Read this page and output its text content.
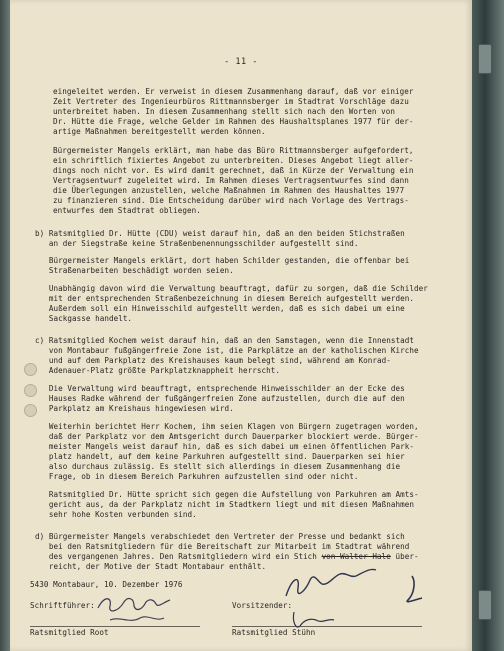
- 11 -
eingeleitet werden. Er verweist in diesem Zusammenhang darauf, daß vor einiger
Zeit Vertreter des Ingenieurbüros Rittmannsberger im Stadtrat Vorschläge dazu
unterbreitet haben. In diesem Zusammenhang stellt sich nach den Worten von
Dr. Hütte die Frage, welche Gelder im Rahmen des Haushaltsplanes 1977 für der-
artige Maßnahmen bereitgestellt werden können.
Bürgermeister Mangels erklärt, man habe das Büro Rittmannsberger aufgefordert,
ein schriftlich fixiertes Angebot zu unterbreiten. Dieses Angebot liegt aller-
dings noch nicht vor. Es wird damit gerechnet, daß in Kürze der Verwaltung ein
Vertragsentwurf zugeleitet wird. Im Rahmen dieses Vertragsentwurfes sind dann
die Überlegungen anzustellen, welche Maßnahmen im Rahmen des Haushaltes 1977
zu finanzieren sind. Die Entscheidung darüber wird nach Vorlage des Vertrags-
entwurfes dem Stadtrat obliegen.
b) Ratsmitglied Dr. Hütte (CDU) weist darauf hin, daß an den beiden Stichstraßen
an der Siegstraße keine Straßenbenennungsschilder aufgestellt sind.
Bürgermeister Mangels erklärt, dort haben Schilder gestanden, die offenbar bei
Straßenarbeiten beschädigt worden seien.
Unabhängig davon wird die Verwaltung beauftragt, dafür zu sorgen, daß die Schilder
mit der entsprechenden Straßenbezeichnung in diesem Bereich aufgestellt werden.
Außerdem soll ein Hinweisschild aufgestellt werden, daß es sich dabei um eine
Sackgasse handelt.
c) Ratsmitglied Kochem weist darauf hin, daß an den Samstagen, wenn die Innenstadt
von Montabaur fußgängerfreie Zone ist, die Parkplätze an der katholischen Kirche
und auf dem Parkplatz des Kreishauses kaum belegt sind, während am Konrad-
Adenauer-Platz größte Parkplatzknappheit herrscht.
Die Verwaltung wird beauftragt, entsprechende Hinweisschilder an der Ecke des
Hauses Radke während der fußgängerfreien Zone aufzustellen, durch die auf den
Parkplatz am Kreishaus hingewiesen wird.
Weiterhin berichtet Herr Kochem, ihm seien Klagen von Bürgern zugetragen worden,
daß der Parkplatz vor dem Amtsgericht durch Dauerparker blockiert werde. Bürger-
meister Mangels weist darauf hin, daß es sich dabei um einen öffentlichen Park-
platz handelt, auf dem keine Parkuhren aufgestellt sind. Dauerparken sei hier
also durchaus zulässig. Es stellt sich allerdings in diesem Zusammenhang die
Frage, ob in diesem Bereich Parkuhren aufzustellen sind oder nicht.
Ratsmitglied Dr. Hütte spricht sich gegen die Aufstellung von Parkuhren am Amts-
gericht aus, da der Parkplatz nicht im Stadtkern liegt und mit diesen Maßnahmen
sehr hohe Kosten verbunden sind.
d) Bürgermeister Mangels verabschiedet den Vertreter der Presse und bedankt sich
bei den Ratsmitgliedern für die Bereitschaft zur Mitarbeit im Stadtrat während
des vergangenen Jahres. Den Ratsmitgliedern wird ein Stich von Walter Hale über-
reicht, der Motive der Stadt Montabaur enthält.
5430 Montabaur, 10. Dezember 1976
Schriftführer:	Vorsitzender:
Ratsmitglied Root	Ratsmitglied Stühn
